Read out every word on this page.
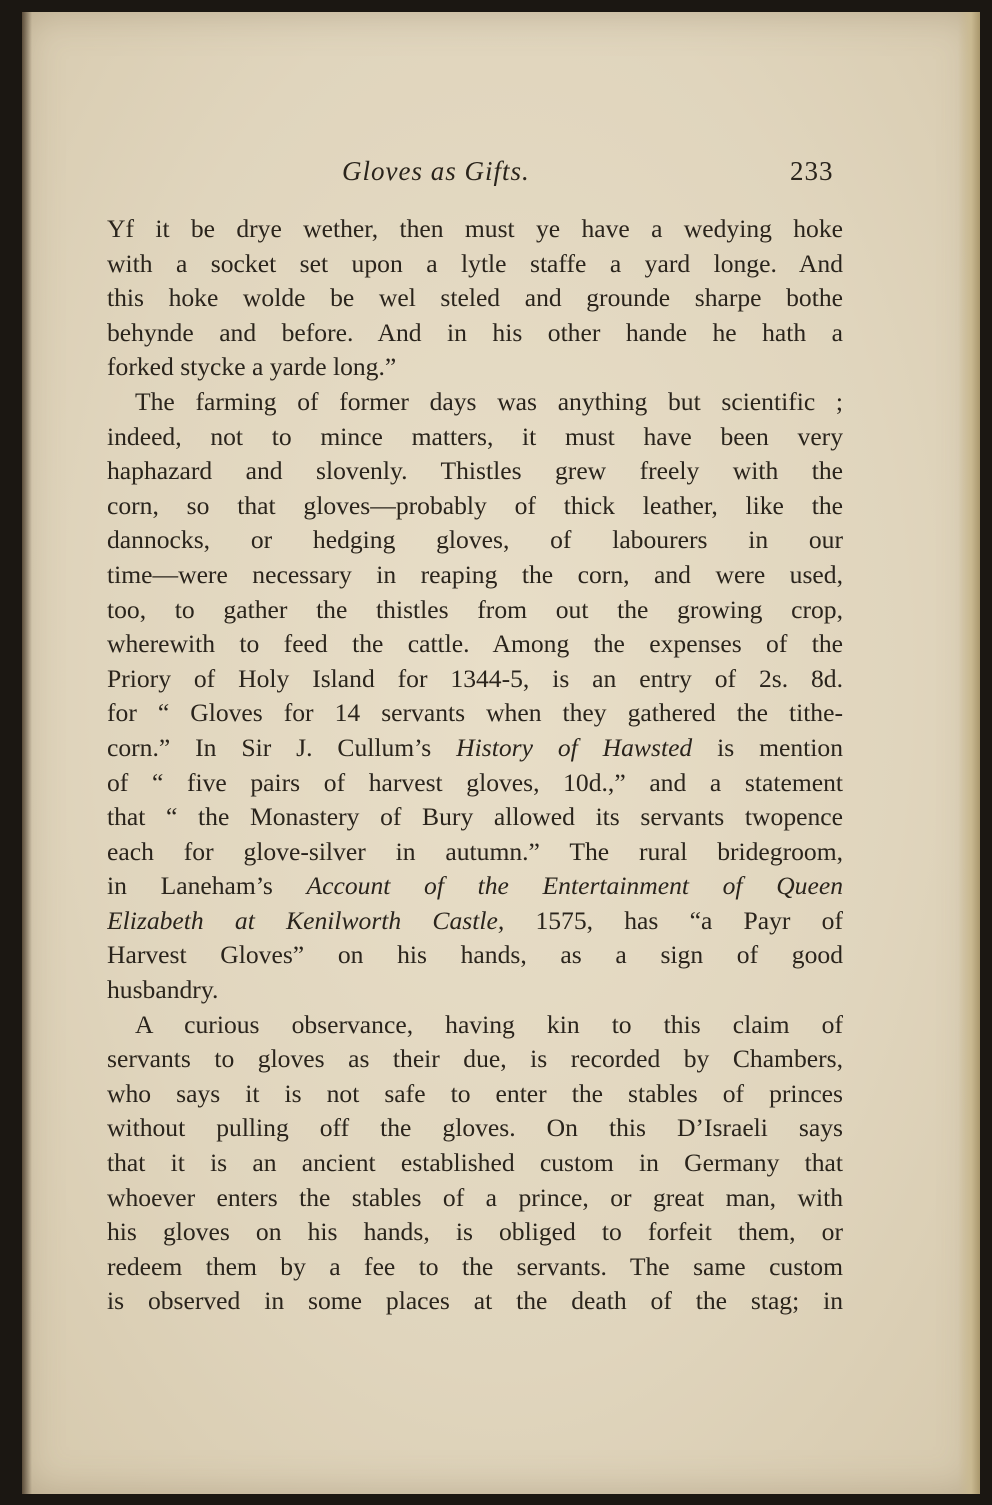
Gloves as Gifts.	233
Yf it be drye wether, then must ye have a wedying hoke
with a socket set upon a lytle staffe a yard longe. And
this hoke wolde be wel steled and grounde sharpe bothe
behynde and before. And in his other hande he hath a
forked stycke a yarde long.”
The farming of former days was anything but scientific ;
indeed, not to mince matters, it must have been very
haphazard and slovenly. Thistles grew freely with the
corn, so that gloves—probably of thick leather, like the
dannocks, or hedging gloves, of labourers in our
time—were necessary in reaping the corn, and were used,
too, to gather the thistles from out the growing crop,
wherewith to feed the cattle. Among the expenses of the
Priory of Holy Island for 1344-5, is an entry of 2s. 8d.
for “ Gloves for 14 servants when they gathered the tithe-
corn.” In Sir J. Cullum’s History of Hawsted is mention
of “ five pairs of harvest gloves, 10d.,” and a statement
that “ the Monastery of Bury allowed its servants twopence
each for glove-silver in autumn.” The rural bridegroom,
in Laneham’s Account of the Entertainment of Queen
Elizabeth at Kenilworth Castle, 1575, has “a Payr of
Harvest Gloves” on his hands, as a sign of good
husbandry.
A curious observance, having kin to this claim of
servants to gloves as their due, is recorded by Chambers,
who says it is not safe to enter the stables of princes
without pulling off the gloves. On this D’Israeli says
that it is an ancient established custom in Germany that
whoever enters the stables of a prince, or great man, with
his gloves on his hands, is obliged to forfeit them, or
redeem them by a fee to the servants. The same custom
is observed in some places at the death of the stag; in
